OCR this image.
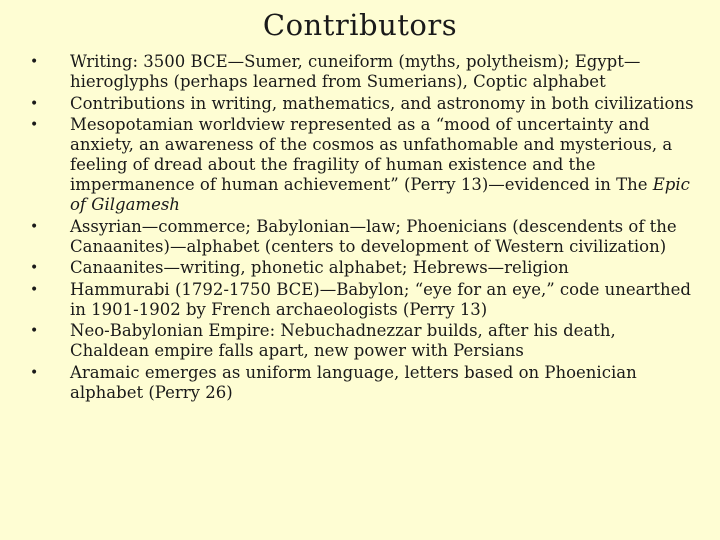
Contributors
• Writing: 3500 BCE—Sumer, cuneiform (myths, polytheism); Egypt—hieroglyphs (perhaps learned from Sumerians), Coptic alphabet
• Contributions in writing, mathematics, and astronomy in both civilizations
• Mesopotamian worldview represented as a “mood of uncertainty and anxiety, an awareness of the cosmos as unfathomable and mysterious, a feeling of dread about the fragility of human existence and the impermanence of human achievement” (Perry 13)—evidenced in The Epic of Gilgamesh
• Assyrian—commerce; Babylonian—law; Phoenicians (descendents of the Canaanites)—alphabet (centers to development of Western civilization)
• Canaanites—writing, phonetic alphabet; Hebrews—religion
• Hammurabi (1792-1750 BCE)—Babylon; “eye for an eye,” code unearthed in 1901-1902 by French archaeologists (Perry 13)
• Neo-Babylonian Empire: Nebuchadnezzar builds, after his death, Chaldean empire falls apart, new power with Persians
• Aramaic emerges as uniform language, letters based on Phoenician alphabet (Perry 26)
